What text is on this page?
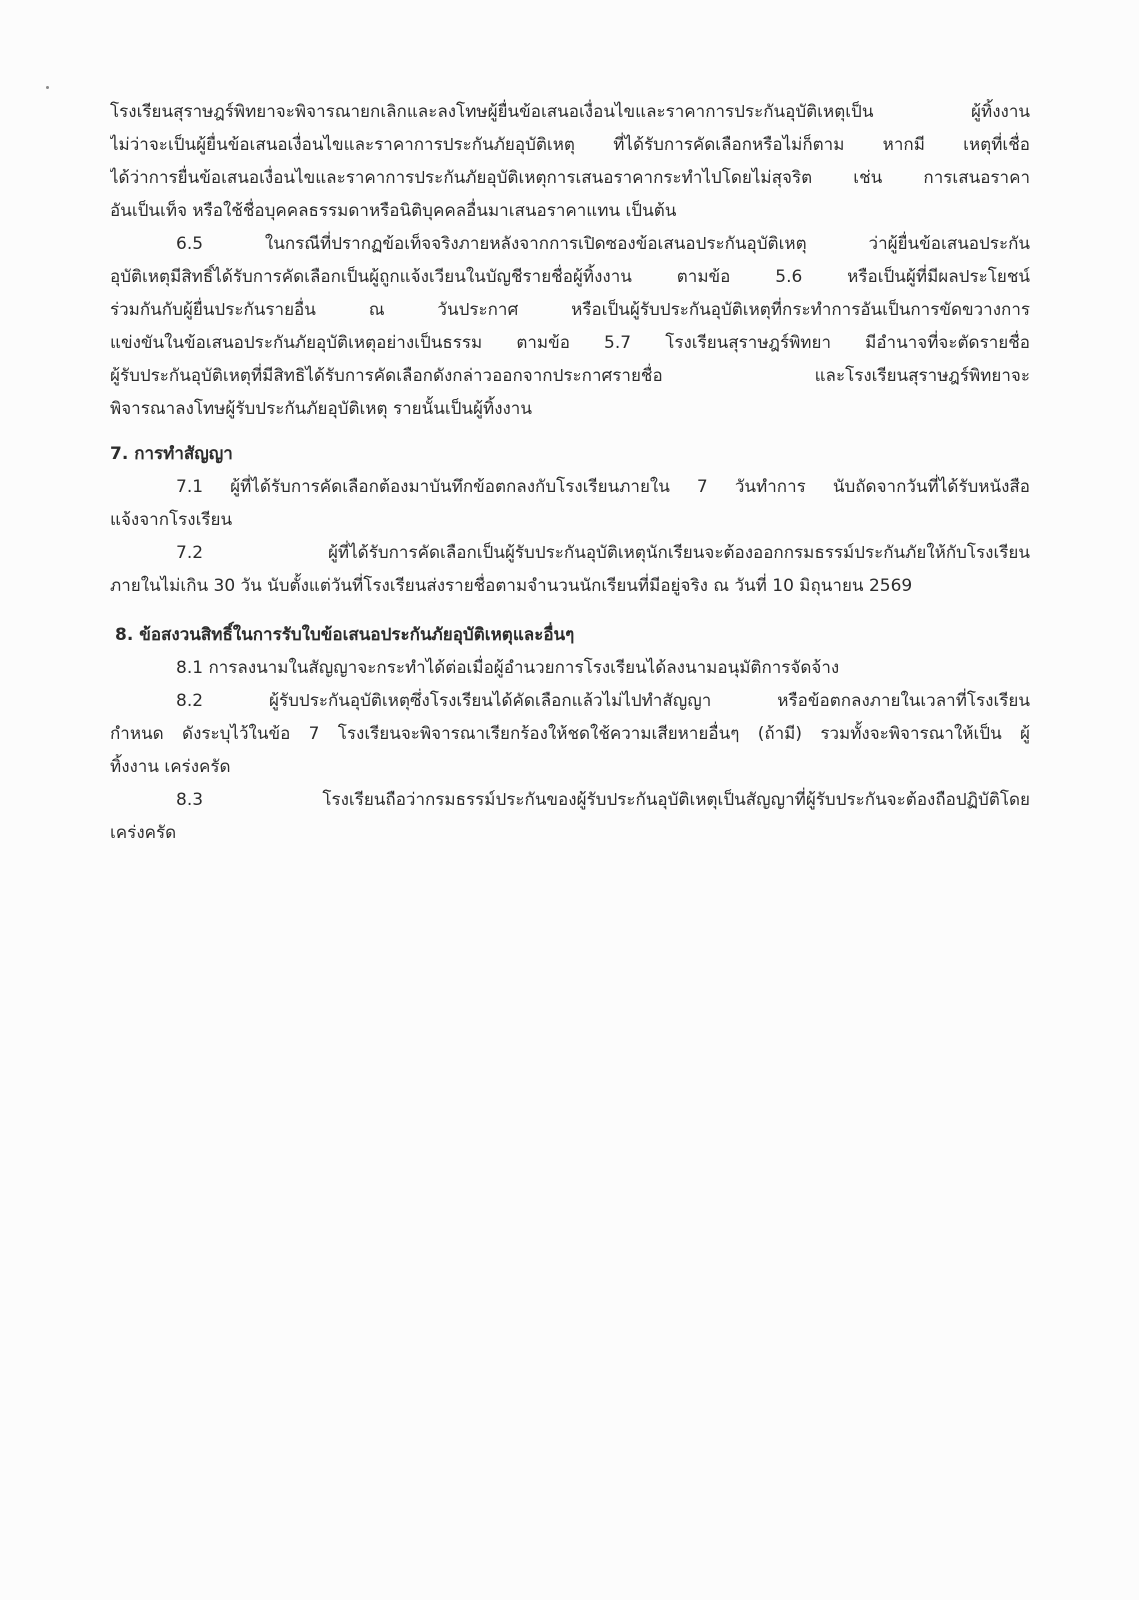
โรงเรียนสุราษฎร์พิทยาจะพิจารณายกเลิกและลงโทษผู้ยื่นข้อเสนอเงื่อนไขและราคาการประกันอุบัติเหตุเป็น ผู้ทิ้งงาน
ไม่ว่าจะเป็นผู้ยื่นข้อเสนอเงื่อนไขและราคาการประกันภัยอุบัติเหตุ ที่ได้รับการคัดเลือกหรือไม่ก็ตาม หากมี เหตุที่เชื่อ
ได้ว่าการยื่นข้อเสนอเงื่อนไขและราคาการประกันภัยอุบัติเหตุการเสนอราคากระทำไปโดยไม่สุจริต เช่น การเสนอราคา
อันเป็นเท็จ หรือใช้ชื่อบุคคลธรรมดาหรือนิติบุคคลอื่นมาเสนอราคาแทน เป็นต้น
6.5 ในกรณีที่ปรากฏข้อเท็จจริงภายหลังจากการเปิดซองข้อเสนอประกันอุบัติเหตุ ว่าผู้ยื่นข้อเสนอประกัน
อุบัติเหตุมีสิทธิ์ได้รับการคัดเลือกเป็นผู้ถูกแจ้งเวียนในบัญชีรายชื่อผู้ทิ้งงาน ตามข้อ 5.6 หรือเป็นผู้ที่มีผลประโยชน์
ร่วมกันกับผู้ยื่นประกันรายอื่น ณ วันประกาศ หรือเป็นผู้รับประกันอุบัติเหตุที่กระทำการอันเป็นการขัดขวางการ
แข่งขันในข้อเสนอประกันภัยอุบัติเหตุอย่างเป็นธรรม ตามข้อ 5.7 โรงเรียนสุราษฎร์พิทยา มีอำนาจที่จะตัดรายชื่อ
ผู้รับประกันอุบัติเหตุที่มีสิทธิได้รับการคัดเลือกดังกล่าวออกจากประกาศรายชื่อ และโรงเรียนสุราษฎร์พิทยาจะ
พิจารณาลงโทษผู้รับประกันภัยอุบัติเหตุ รายนั้นเป็นผู้ทิ้งงาน
7. การทำสัญญา
7.1 ผู้ที่ได้รับการคัดเลือกต้องมาบันทึกข้อตกลงกับโรงเรียนภายใน 7 วันทำการ นับถัดจากวันที่ได้รับหนังสือ
แจ้งจากโรงเรียน
7.2 ผู้ที่ได้รับการคัดเลือกเป็นผู้รับประกันอุบัติเหตุนักเรียนจะต้องออกกรมธรรม์ประกันภัยให้กับโรงเรียน
ภายในไม่เกิน 30 วัน นับตั้งแต่วันที่โรงเรียนส่งรายชื่อตามจำนวนนักเรียนที่มีอยู่จริง ณ วันที่ 10 มิถุนายน 2569
8. ข้อสงวนสิทธิ์ในการรับใบข้อเสนอประกันภัยอุบัติเหตุและอื่นๆ
8.1 การลงนามในสัญญาจะกระทำได้ต่อเมื่อผู้อำนวยการโรงเรียนได้ลงนามอนุมัติการจัดจ้าง
8.2 ผู้รับประกันอุบัติเหตุซึ่งโรงเรียนได้คัดเลือกแล้วไม่ไปทำสัญญา หรือข้อตกลงภายในเวลาที่โรงเรียน
กำหนด ดังระบุไว้ในข้อ 7 โรงเรียนจะพิจารณาเรียกร้องให้ชดใช้ความเสียหายอื่นๆ (ถ้ามี) รวมทั้งจะพิจารณาให้เป็น ผู้
ทิ้งงาน เคร่งครัด
8.3 โรงเรียนถือว่ากรมธรรม์ประกันของผู้รับประกันอุบัติเหตุเป็นสัญญาที่ผู้รับประกันจะต้องถือปฏิบัติโดย
เคร่งครัด
